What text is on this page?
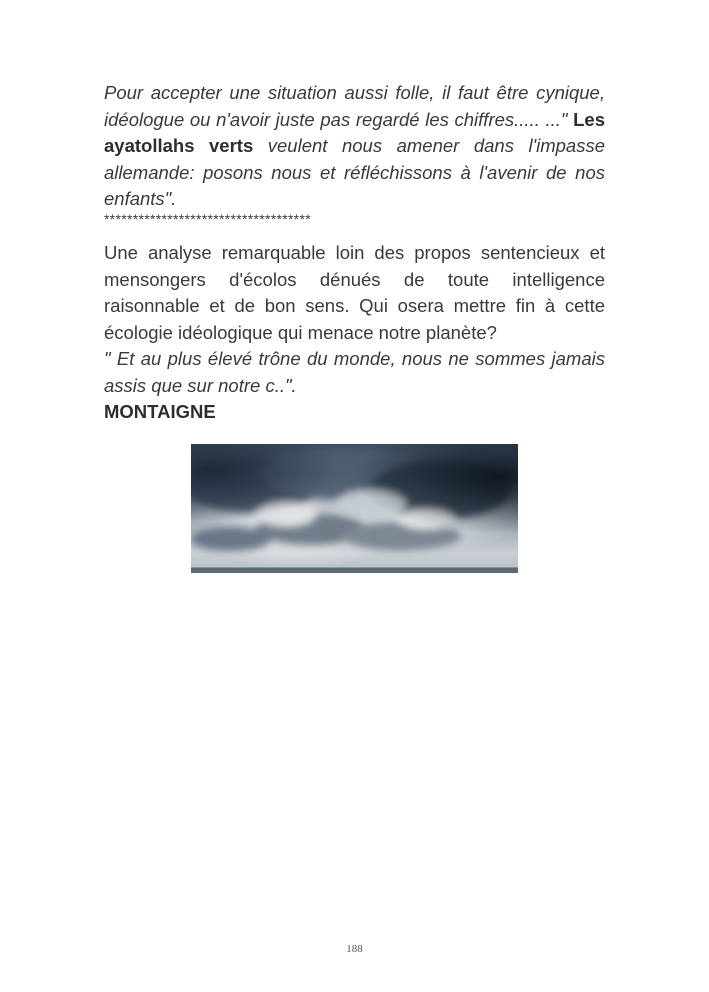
Pour accepter une situation aussi folle, il faut être cynique, idéologue ou n'avoir juste pas regardé les chiffres..... ..." Les ayatollahs verts veulent nous amener dans l'impasse allemande: posons nous et réfléchissons à l'avenir de nos enfants".
************************************
Une analyse remarquable loin des propos sentencieux et mensongers d'écolos dénués de toute intelligence raisonnable et de bon sens. Qui osera mettre fin à cette écologie idéologique qui menace notre planète?
" Et au plus élevé trône du monde, nous ne sommes jamais assis que sur notre c..".
MONTAIGNE
188
